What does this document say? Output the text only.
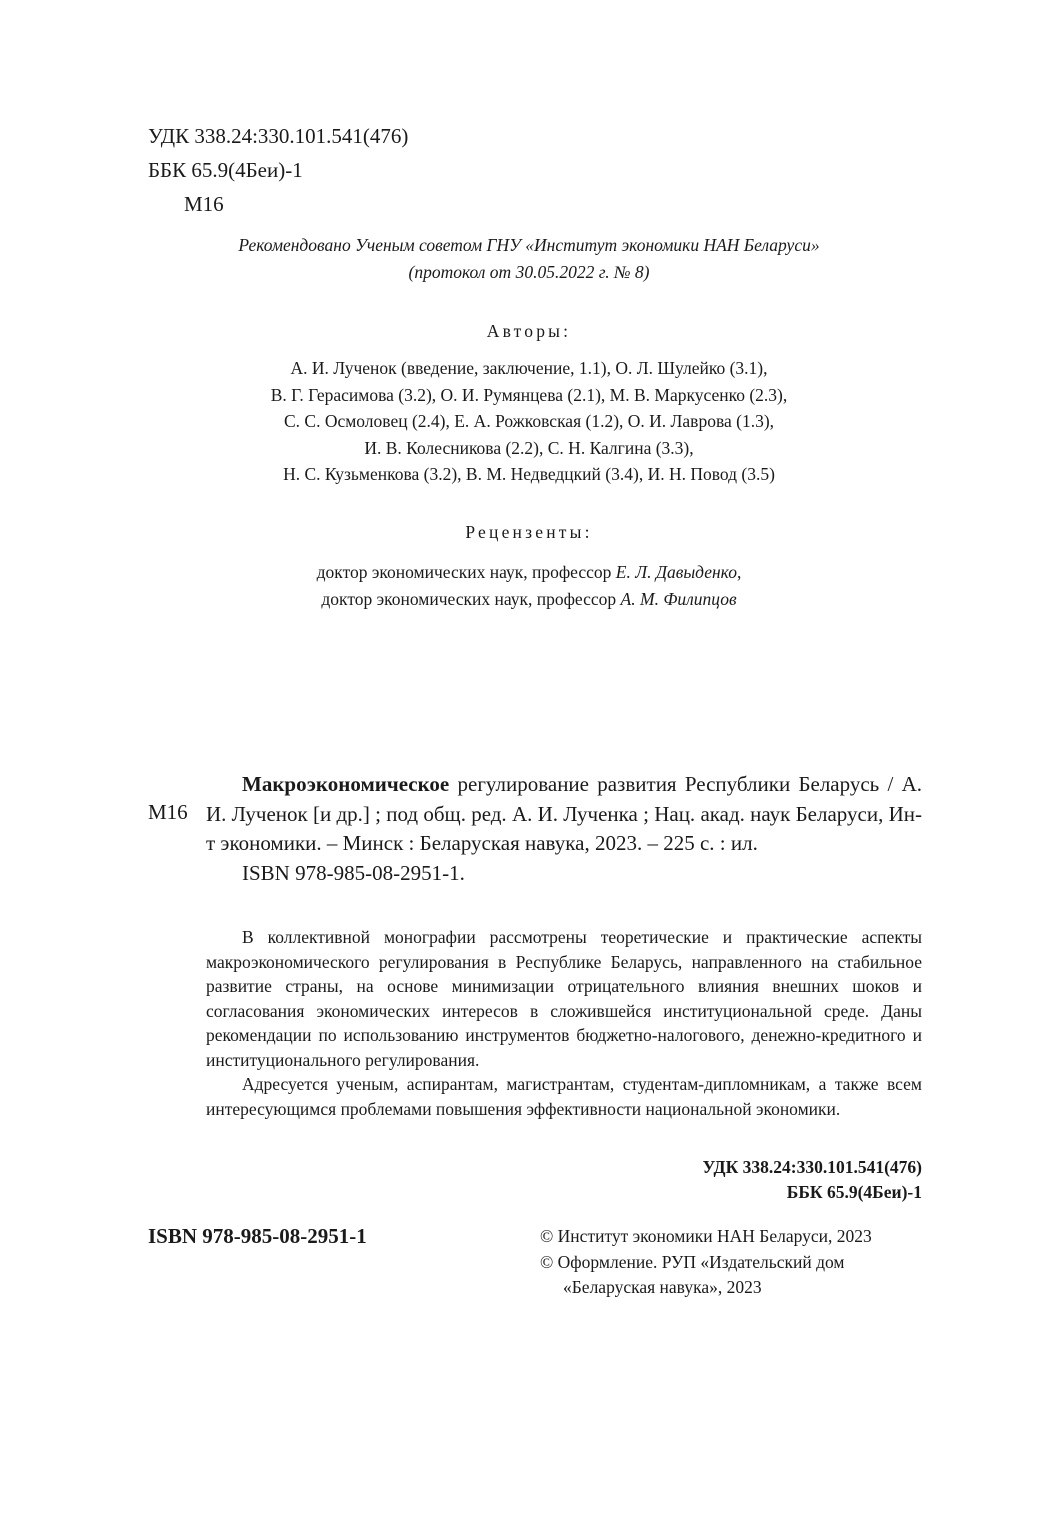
УДК 338.24:330.101.541(476)
ББК 65.9(4Беи)-1
М16
Рекомендовано Ученым советом ГНУ «Институт экономики НАН Беларуси»
(протокол от 30.05.2022 г. № 8)
Авторы:
А. И. Лученок (введение, заключение, 1.1), О. Л. Шулейко (3.1),
В. Г. Герасимова (3.2), О. И. Румянцева (2.1), М. В. Маркусенко (2.3),
С. С. Осмоловец (2.4), Е. А. Рожковская (1.2), О. И. Лаврова (1.3),
И. В. Колесникова (2.2), С. Н. Калгина (3.3),
Н. С. Кузьменкова (3.2), В. М. Недведцкий (3.4), И. Н. Повод (3.5)
Рецензенты:
доктор экономических наук, профессор Е. Л. Давыденко,
доктор экономических наук, профессор А. М. Филипцов
М16

Макроэкономическое регулирование развития Республики Беларусь / А. И. Лученок [и др.] ; под общ. ред. А. И. Лученка ; Нац. акад. наук Беларуси, Ин-т экономики. – Минск : Беларуская навука, 2023. – 225 с. : ил.

ISBN 978-985-08-2951-1.

В коллективной монографии рассмотрены теоретические и практические аспекты макроэкономического регулирования в Республике Беларусь, направленного на стабильное развитие страны, на основе минимизации отрицательного влияния внешних шоков и согласования экономических интересов в сложившейся институциональной среде. Даны рекомендации по использованию инструментов бюджетно-налогового, денежно-кредитного и институционального регулирования.

Адресуется ученым, аспирантам, магистрантам, студентам-дипломникам, а также всем интересующимся проблемами повышения эффективности национальной экономики.

УДК 338.24:330.101.541(476)
ББК 65.9(4Беи)-1
ISBN 978-985-08-2951-1	© Институт экономики НАН Беларуси, 2023
© Оформление. РУП «Издательский дом
«Беларуская навука», 2023
